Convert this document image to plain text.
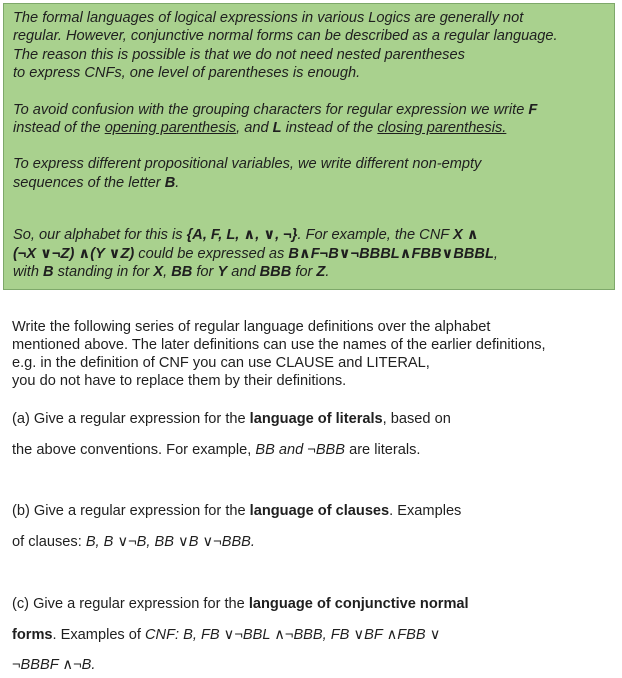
The formal languages of logical expressions in various Logics are generally not
regular. However, conjunctive normal forms can be described as a regular language.
The reason this is possible is that we do not need nested parentheses
to express CNFs, one level of parentheses is enough.

To avoid confusion with the grouping characters for regular expression we write F
instead of the opening parenthesis, and L instead of the closing parenthesis.

To express different propositional variables, we write different non-empty
sequences of the letter B.

So, our alphabet for this is {A, F, L, ∧, ∨, ¬}. For example, the CNF X ∧
(¬X ∨¬Z) ∧(Y ∨Z) could be expressed as B∧F¬B∨¬BBBL∧FBB∨BBBL,
with B standing in for X, BB for Y and BBB for Z.

Write the following series of regular language definitions over the alphabet
mentioned above. The later definitions can use the names of the earlier definitions,
e.g. in the definition of CNF you can use CLAUSE and LITERAL,
you do not have to replace them by their definitions.

(a) Give a regular expression for the language of literals, based on
the above conventions. For example, BB and ¬BBB are literals.
(b) Give a regular expression for the language of clauses. Examples
of clauses: B, B ∨¬B, BB ∨B ∨¬BBB.
(c) Give a regular expression for the language of conjunctive normal
forms. Examples of CNF: B, FB ∨¬BBL ∧¬BBB, FB ∨BF ∧FBB ∨
¬BBBF ∧¬B.
